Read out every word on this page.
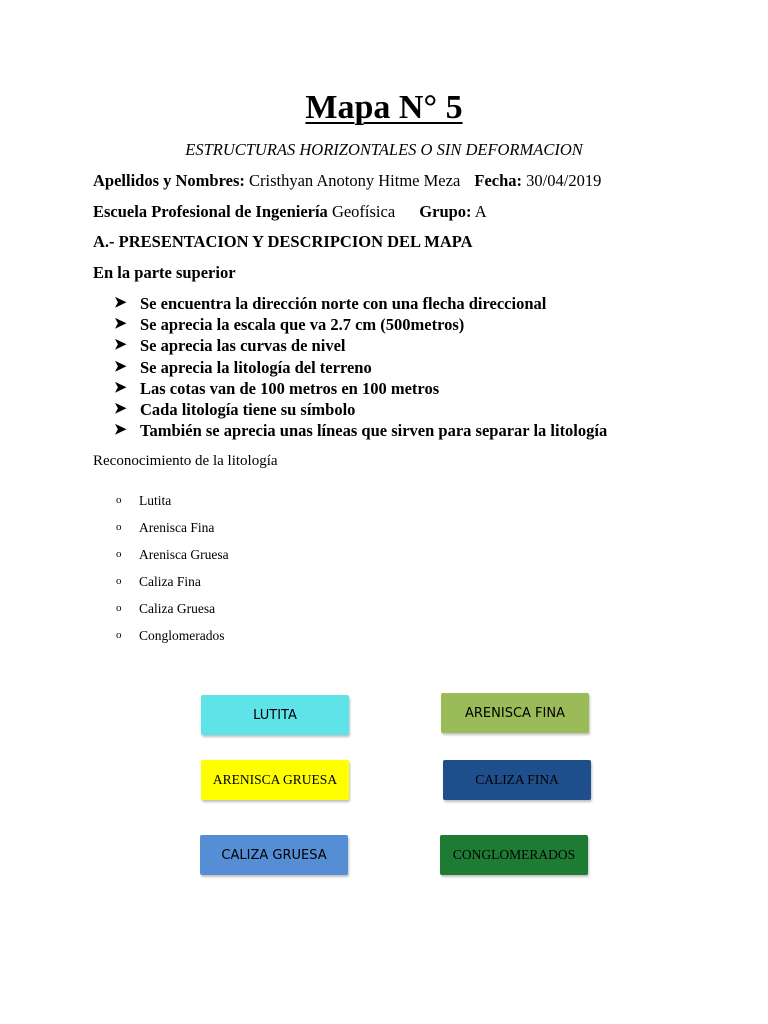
Mapa N° 5
ESTRUCTURAS HORIZONTALES O SIN DEFORMACION
Apellidos y Nombres: Cristhyan Anotony Hitme Meza Fecha: 30/04/2019
Escuela Profesional de Ingeniería Geofísica Grupo: A
A.- PRESENTACION Y DESCRIPCION DEL MAPA
En la parte superior
➤ Se encuentra la dirección norte con una flecha direccional
➤ Se aprecia la escala que va 2.7 cm (500metros)
➤ Se aprecia las curvas de nivel
➤ Se aprecia la litología del terreno
➤ Las cotas van de 100 metros en 100 metros
➤ Cada litología tiene su símbolo
➤ También se aprecia unas líneas que sirven para separar la litología
Reconocimiento de la litología
o	Lutita
o	Arenisca Fina
o	Arenisca Gruesa
o	Caliza Fina
o	Caliza Gruesa
o	Conglomerados
LUTITA	ARENISCA FINA
ARENISCA GRUESA	CALIZA FINA
CALIZA GRUESA	CONGLOMERADOS
